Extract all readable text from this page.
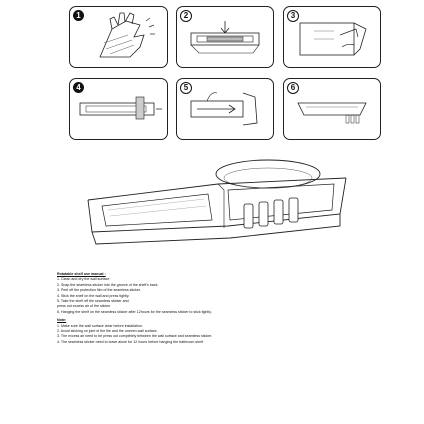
1	2	3
4	5	6
Rotatable shelf use manual :
1. Clean and dry the wall surface.
2. Snap the seamless sticker into the groove of the shelf's back.
3. Peel off the protection film of the seamless sticker.
4. Stick the shelf on the wall and press tightly.
5. Take the shelf off the seamless sticker and
press out excess air of the sticker
6. Hanging the shelf on the seamless sticker after 12hours for the seamless sticker to stick tightly.
Note:
1. Make sure the wall surface clear before installation.
2. Avoid sticking on joint of the tile and the uneven wall surface.
3. The excess air need to be press out completely between the wall surface and seamless sticker.
4. The seamless sticker need to leave alone for 12 hours before hanging the bathroom shelf.
